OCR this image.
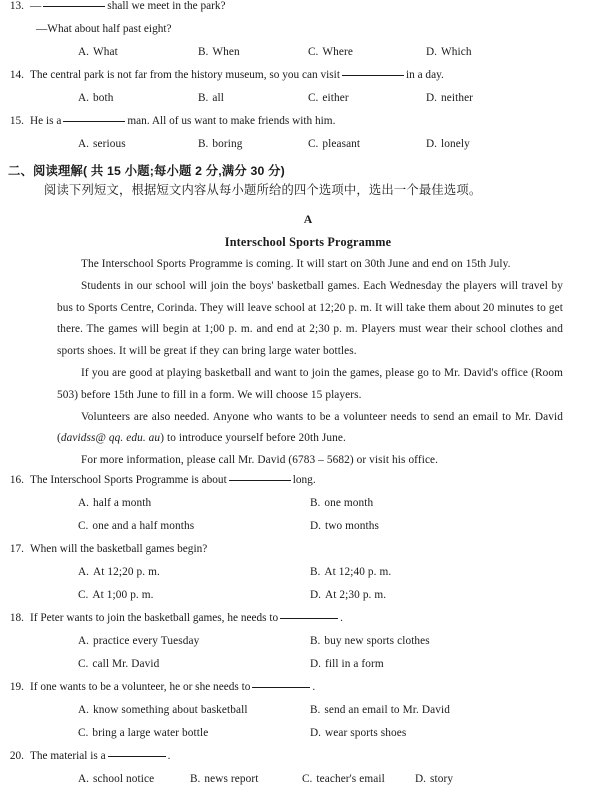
13. —	shall we meet in the park?
—What about half past eight?
A. What	B. When	C. Where	D. Which
14. The central park is not far from the history museum, so you can visit	in a day.
A. both	B. all	C. either	D. neither
15. He is a	man. All of us want to make friends with him.
A. serious	B. boring	C. pleasant	D. lonely
二、阅读理解( 共 15 小题;每小题 2 分,满分 30 分)
阅读下列短文，根据短文内容从每小题所给的四个选项中，选出一个最佳选项。
A
Interschool Sports Programme

The Interschool Sports Programme is coming. It will start on 30th June and end on 15th July.

Students in our school will join the boys' basketball games. Each Wednesday the players will travel by bus to Sports Centre, Corinda. They will leave school at 12;20 p. m. It will take them about 20 minutes to get there. The games will begin at 1;00 p. m. and end at 2;30 p. m. Players must wear their school clothes and sports shoes. It will be great if they can bring large water bottles.

If you are good at playing basketball and want to join the games, please go to Mr. David's office (Room 503) before 15th June to fill in a form. We will choose 15 players.

Volunteers are also needed. Anyone who wants to be a volunteer needs to send an email to Mr. David (davidss@ qq. edu. au) to introduce yourself before 20th June.

For more information, please call Mr. David (6783 – 5682) or visit his office.

16. The Interschool Sports Programme is about	long.
A. half a month	B. one month
C. one and a half months	D. two months
17. When will the basketball games begin?
A. At 12;20 p. m.	B. At 12;40 p. m.
C. At 1;00 p. m.	D. At 2;30 p. m.
18. If Peter wants to join the basketball games, he needs to	.
A. practice every Tuesday	B. buy new sports clothes
C. call Mr. David	D. fill in a form
19. If one wants to be a volunteer, he or she needs to	.
A. know something about basketball	B. send an email to Mr. David
C. bring a large water bottle	D. wear sports shoes
20. The material is a	.
A. school notice	B. news report	C. teacher's email	D. story
